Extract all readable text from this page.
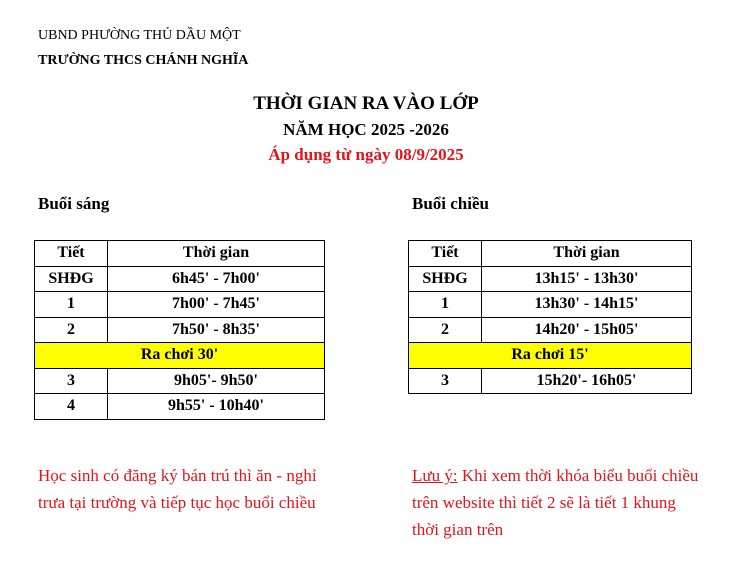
UBND PHƯỜNG THỦ DẦU MỘT
TRƯỜNG THCS CHÁNH NGHĨA
THỜI GIAN RA VÀO LỚP
NĂM HỌC 2025 -2026
Áp dụng từ ngày 08/9/2025
Buổi sáng	Buổi chiều
Tiết	Thời gian
SHĐG	6h45' - 7h00'
1	7h00' - 7h45'
2	7h50' - 8h35'
Ra chơi 30'	
3	9h05'- 9h50'
4	9h55' - 10h40'
Tiết	Thời gian
SHĐG	13h15' - 13h30'
1	13h30' - 14h15'
2	14h20' - 15h05'
Ra chơi 15'	
3	15h20'- 16h05'
Học sinh có đăng ký bán trú thì ăn - nghỉ trưa tại trường và tiếp tục học buổi chiều
Lưu ý: Khi xem thời khóa biểu buổi chiều trên website thì tiết 2 sẽ là tiết 1 khung thời gian trên
